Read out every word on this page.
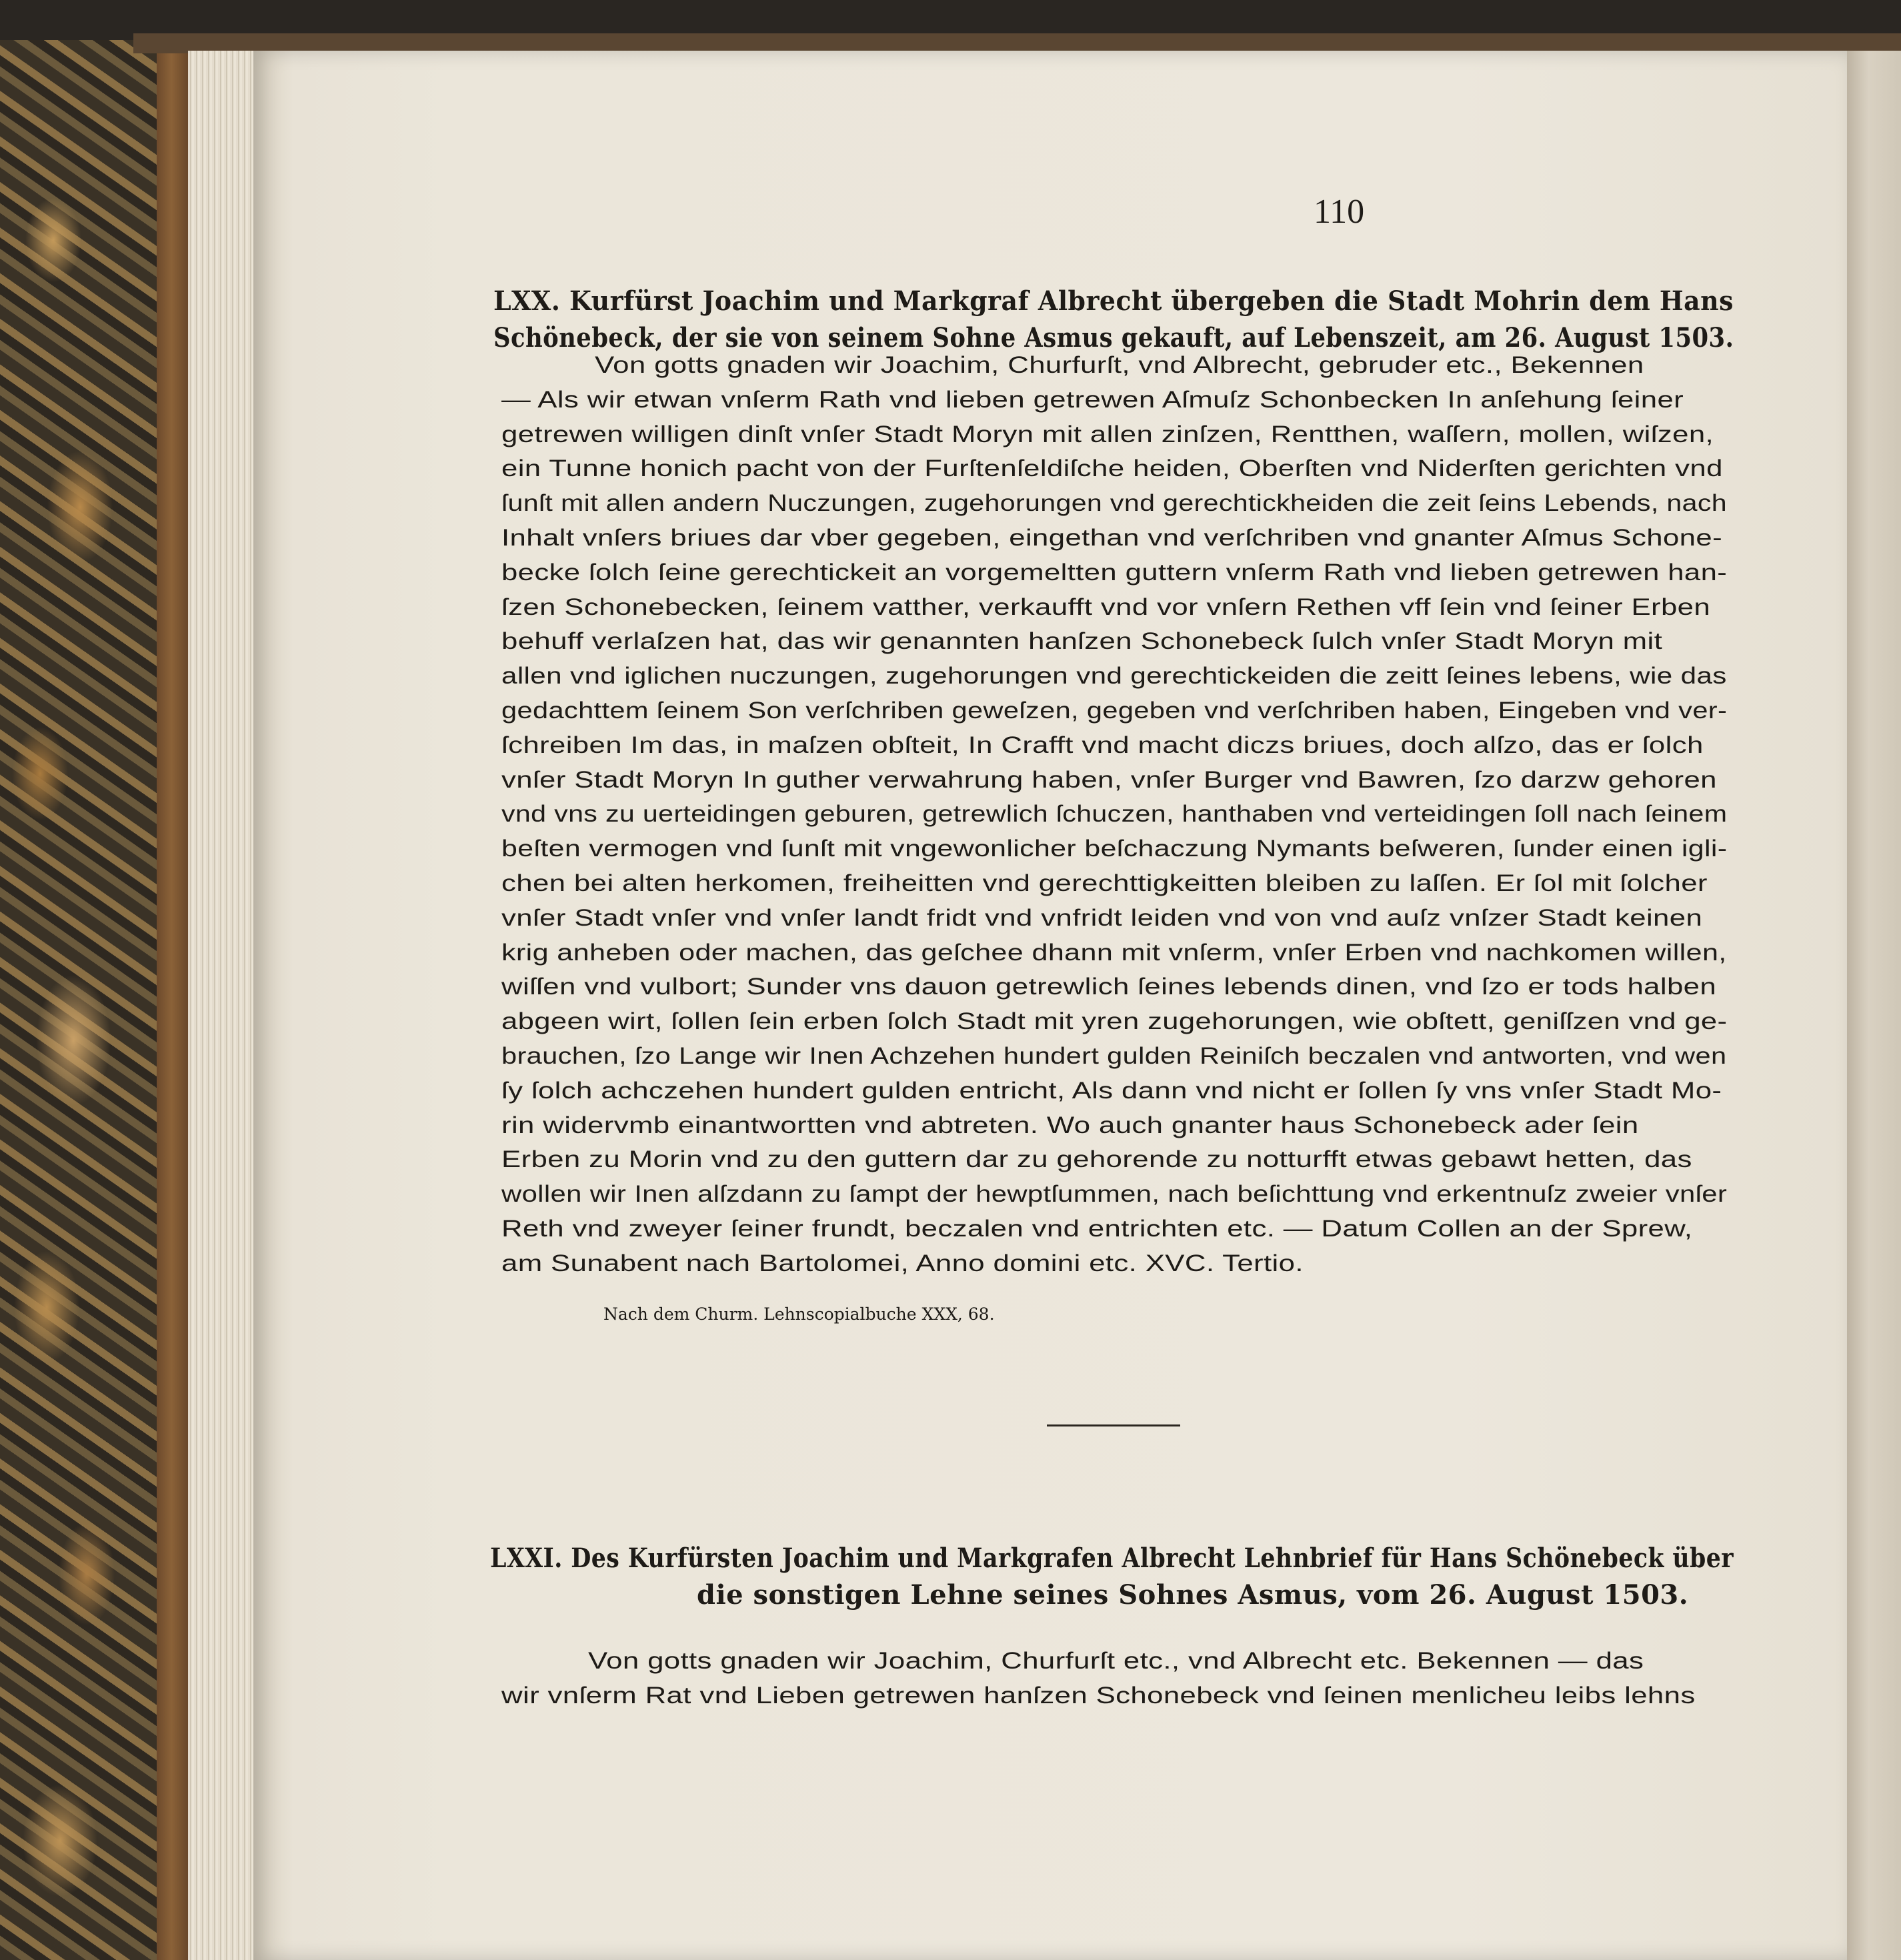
110
LXX. Kurfürst Joachim und Markgraf Albrecht übergeben die Stadt Mohrin dem Hans
Schönebeck, der sie von seinem Sohne Asmus gekauft, auf Lebenszeit, am 26. August 1503.
Von gotts gnaden wir Joachim, Churfurſt, vnd Albrecht, gebruder etc., Bekennen
— Als wir etwan vnſerm Rath vnd lieben getrewen Aſmuſz Schonbecken In anſehung ſeiner
getrewen willigen dinſt vnſer Stadt Moryn mit allen zinſzen, Rentthen, waſſern, mollen, wiſzen,
ein Tunne honich pacht von der Furſtenſeldiſche heiden, Oberſten vnd Niderſten gerichten vnd
ſunſt mit allen andern Nuczungen, zugehorungen vnd gerechtickheiden die zeit ſeins Lebends, nach
Inhalt vnſers briues dar vber gegeben, eingethan vnd verſchriben vnd gnanter Aſmus Schone-
becke ſolch ſeine gerechtickeit an vorgemeltten guttern vnſerm Rath vnd lieben getrewen han-
ſzen Schonebecken, ſeinem vatther, verkaufft vnd vor vnſern Rethen vff ſein vnd ſeiner Erben
behuff verlaſzen hat, das wir genannten hanſzen Schonebeck ſulch vnſer Stadt Moryn mit
allen vnd iglichen nuczungen, zugehorungen vnd gerechtickeiden die zeitt ſeines lebens, wie das
gedachttem ſeinem Son verſchriben geweſzen, gegeben vnd verſchriben haben, Eingeben vnd ver-
ſchreiben Im das, in maſzen obſteit, In Crafft vnd macht diczs briues, doch alſzo, das er ſolch
vnſer Stadt Moryn In guther verwahrung haben, vnſer Burger vnd Bawren, ſzo darzw gehoren
vnd vns zu uerteidingen geburen, getrewlich ſchuczen, hanthaben vnd verteidingen ſoll nach ſeinem
beſten vermogen vnd ſunſt mit vngewonlicher beſchaczung Nymants beſweren, ſunder einen igli-
chen bei alten herkomen, freiheitten vnd gerechttigkeitten bleiben zu laſſen. Er ſol mit ſolcher
vnſer Stadt vnſer vnd vnſer landt fridt vnd vnfridt leiden vnd von vnd auſz vnſzer Stadt keinen
krig anheben oder machen, das geſchee dhann mit vnſerm, vnſer Erben vnd nachkomen willen,
wiſſen vnd vulbort; Sunder vns dauon getrewlich ſeines lebends dinen, vnd ſzo er tods halben
abgeen wirt, ſollen ſein erben ſolch Stadt mit yren zugehorungen, wie obſtett, geniſſzen vnd ge-
brauchen, ſzo Lange wir Inen Achzehen hundert gulden Reiniſch beczalen vnd antworten, vnd wen
ſy ſolch achczehen hundert gulden entricht, Als dann vnd nicht er ſollen ſy vns vnſer Stadt Mo-
rin widervmb einantwortten vnd abtreten. Wo auch gnanter haus Schonebeck ader ſein
Erben zu Morin vnd zu den guttern dar zu gehorende zu notturfft etwas gebawt hetten, das
wollen wir Inen alſzdann zu ſampt der hewptſummen, nach beſichttung vnd erkentnuſz zweier vnſer
Reth vnd zweyer ſeiner frundt, beczalen vnd entrichten etc. — Datum Collen an der Sprew,
am Sunabent nach Bartolomei, Anno domini etc. XVC. Tertio.
Nach dem Churm. Lehnscopialbuche XXX, 68.
LXXI. Des Kurfürsten Joachim und Markgrafen Albrecht Lehnbrief für Hans Schönebeck über
die sonstigen Lehne seines Sohnes Asmus, vom 26. August 1503.
Von gotts gnaden wir Joachim, Churfurſt etc., vnd Albrecht etc. Bekennen — das
wir vnſerm Rat vnd Lieben getrewen hanſzen Schonebeck vnd ſeinen menlicheu leibs lehns
